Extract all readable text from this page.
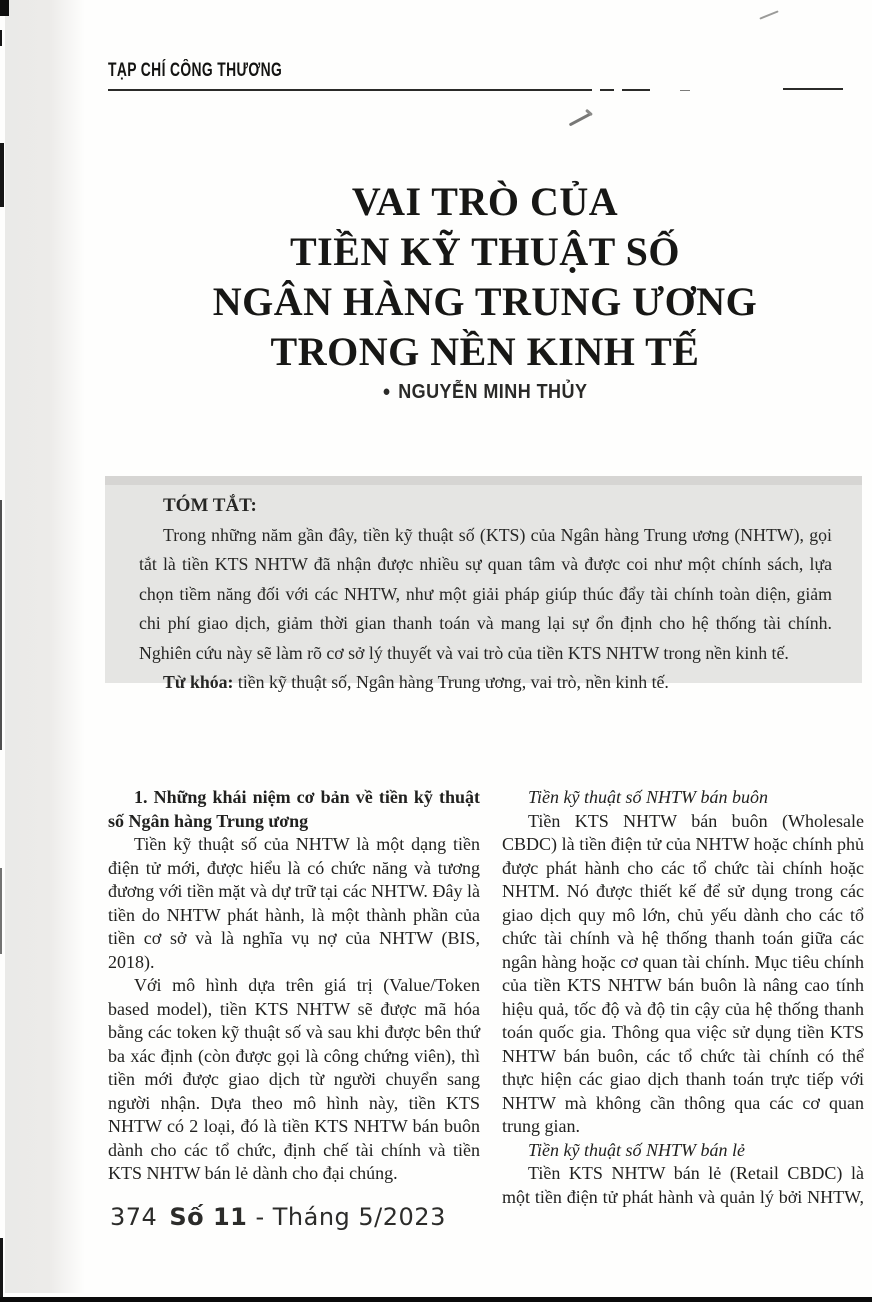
TẠP CHÍ CÔNG THƯƠNG
VAI TRÒ CỦA
TIỀN KỸ THUẬT SỐ
NGÂN HÀNG TRUNG ƯƠNG
TRONG NỀN KINH TẾ
● NGUYỄN MINH THỦY

TÓM TẮT:

Trong những năm gần đây, tiền kỹ thuật số (KTS) của Ngân hàng Trung ương (NHTW), gọi tắt là tiền KTS NHTW đã nhận được nhiều sự quan tâm và được coi như một chính sách, lựa chọn tiềm năng đối với các NHTW, như một giải pháp giúp thúc đẩy tài chính toàn diện, giảm chi phí giao dịch, giảm thời gian thanh toán và mang lại sự ổn định cho hệ thống tài chính. Nghiên cứu này sẽ làm rõ cơ sở lý thuyết và vai trò của tiền KTS NHTW trong nền kinh tế.

Từ khóa: tiền kỹ thuật số, Ngân hàng Trung ương, vai trò, nền kinh tế.

1. Những khái niệm cơ bản về tiền kỹ thuật số Ngân hàng Trung ương

Tiền kỹ thuật số của NHTW là một dạng tiền điện tử mới, được hiểu là có chức năng và tương đương với tiền mặt và dự trữ tại các NHTW. Đây là tiền do NHTW phát hành, là một thành phần của tiền cơ sở và là nghĩa vụ nợ của NHTW (BIS, 2018).

Với mô hình dựa trên giá trị (Value/Token based model), tiền KTS NHTW sẽ được mã hóa bằng các token kỹ thuật số và sau khi được bên thứ ba xác định (còn được gọi là công chứng viên), thì tiền mới được giao dịch từ người chuyển sang người nhận. Dựa theo mô hình này, tiền KTS NHTW có 2 loại, đó là tiền KTS NHTW bán buôn dành cho các tổ chức, định chế tài chính và tiền KTS NHTW bán lẻ dành cho đại chúng.

Tiền kỹ thuật số NHTW bán buôn

Tiền KTS NHTW bán buôn (Wholesale CBDC) là tiền điện tử của NHTW hoặc chính phủ được phát hành cho các tổ chức tài chính hoặc NHTM. Nó được thiết kế để sử dụng trong các giao dịch quy mô lớn, chủ yếu dành cho các tổ chức tài chính và hệ thống thanh toán giữa các ngân hàng hoặc cơ quan tài chính. Mục tiêu chính của tiền KTS NHTW bán buôn là nâng cao tính hiệu quả, tốc độ và độ tin cậy của hệ thống thanh toán quốc gia. Thông qua việc sử dụng tiền KTS NHTW bán buôn, các tổ chức tài chính có thể thực hiện các giao dịch thanh toán trực tiếp với NHTW mà không cần thông qua các cơ quan trung gian.

Tiền kỹ thuật số NHTW bán lẻ

Tiền KTS NHTW bán lẻ (Retail CBDC) là một tiền điện tử phát hành và quản lý bởi NHTW,

374 Số 11 - Tháng 5/2023
